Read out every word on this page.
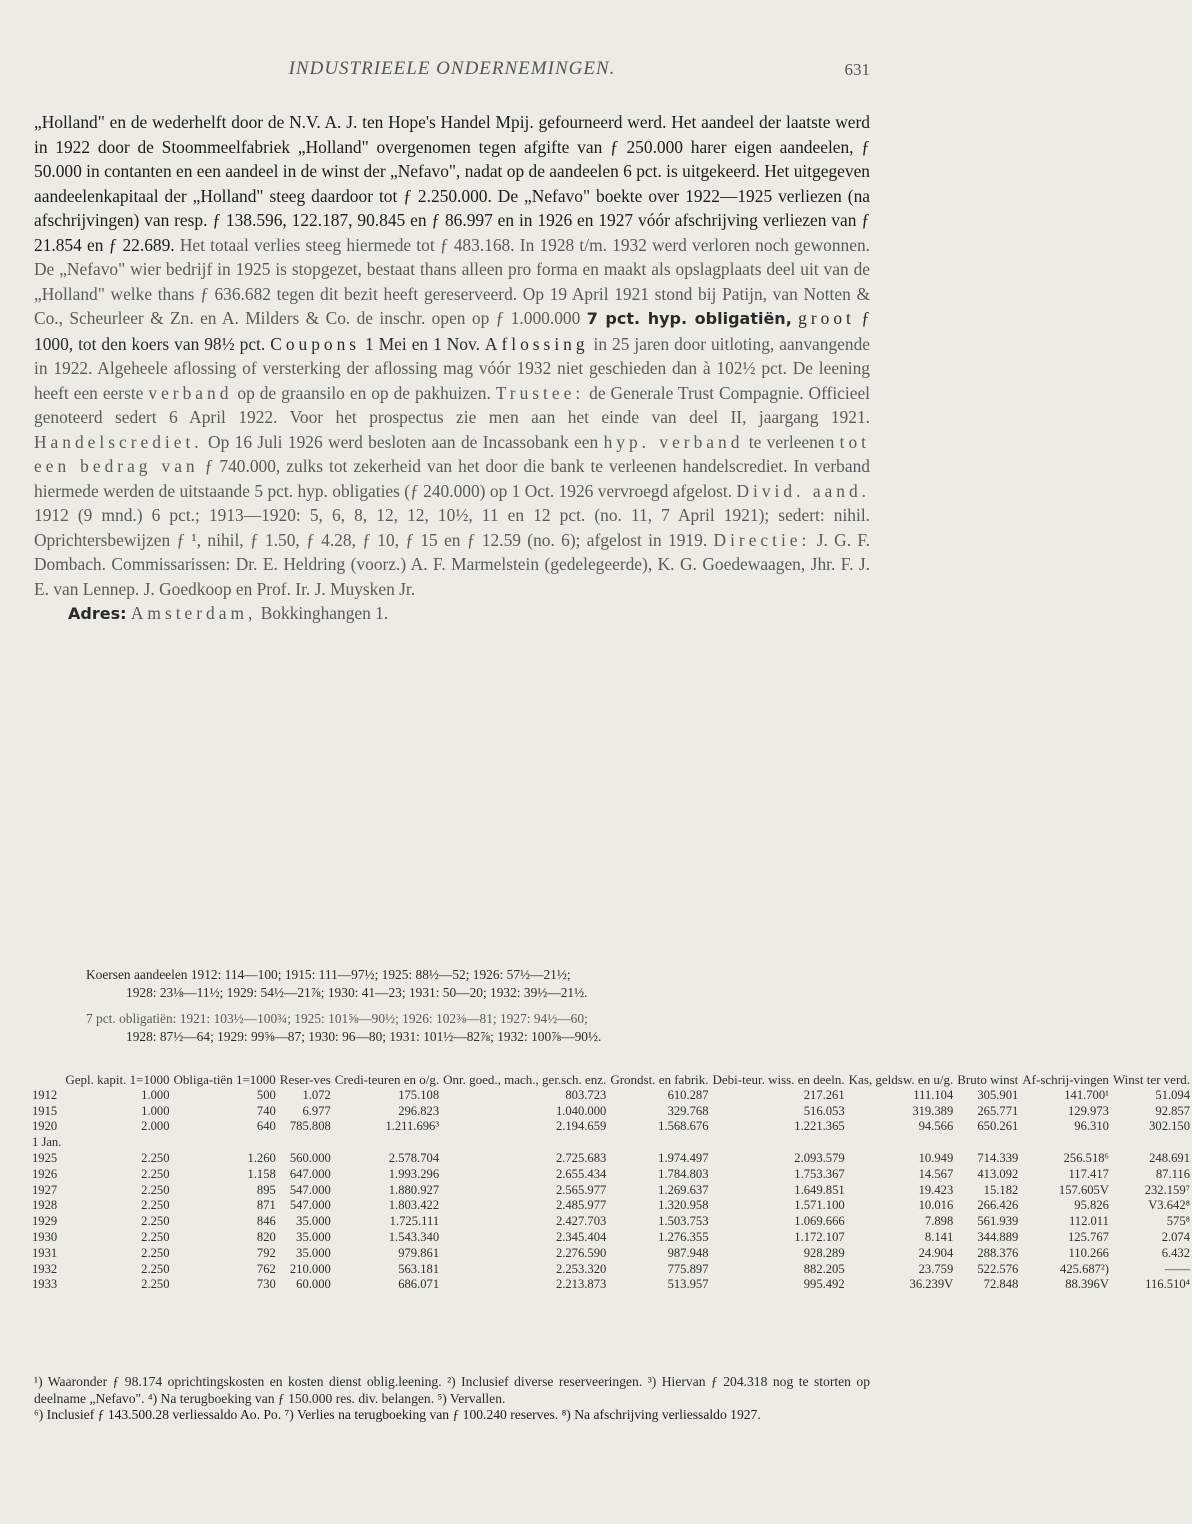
INDUSTRIEELE ONDERNEMINGEN.	631

„Holland" en de wederhelft door de N.V. A. J. ten Hope's Handel Mpij. gefourneerd werd. Het aandeel der laatste werd in 1922 door de Stoommeelfabriek „Holland" overgenomen tegen afgifte van ƒ 250.000 harer eigen aandeelen, ƒ 50.000 in contanten en een aandeel in de winst der „Nefavo", nadat op de aandeelen 6 pct. is uitgekeerd. Het uitgegeven aandeelenkapitaal der „Holland" steeg daardoor tot ƒ 2.250.000. De „Nefavo" boekte over 1922—1925 verliezen (na afschrijvingen) van resp. ƒ 138.596, 122.187, 90.845 en ƒ 86.997 en in 1926 en 1927 vóór afschrijving verliezen van ƒ 21.854 en ƒ 22.689. Het totaal verlies steeg hiermede tot ƒ 483.168. In 1928 t/m. 1932 werd verloren noch gewonnen. De „Nefavo" wier bedrijf in 1925 is stopgezet, bestaat thans alleen pro forma en maakt als opslagplaats deel uit van de „Holland" welke thans ƒ 636.682 tegen dit bezit heeft gereserveerd. Op 19 April 1921 stond bij Patijn, van Notten & Co., Scheurleer & Zn. en A. Milders & Co. de inschr. open op ƒ 1.000.000 7 pct. hyp. obligatiën, groot ƒ 1000, tot den koers van 98½ pct. Coupons 1 Mei en 1 Nov. Aflossing in 25 jaren door uitloting, aanvangende in 1922. Algeheele aflossing of versterking der aflossing mag vóór 1932 niet geschieden dan à 102½ pct. De leening heeft een eerste verband op de graansilo en op de pakhuizen. Trustee: de Generale Trust Compagnie. Officieel genoteerd sedert 6 April 1922. Voor het prospectus zie men aan het einde van deel II, jaargang 1921. Handelscrediet. Op 16 Juli 1926 werd besloten aan de Incassobank een hyp. verband te verleenen tot een bedrag van ƒ 740.000, zulks tot zekerheid van het door die bank te verleenen handelscrediet. In verband hiermede werden de uitstaande 5 pct. hyp. obligaties (ƒ 240.000) op 1 Oct. 1926 vervroegd afgelost. Divid. aand. 1912 (9 mnd.) 6 pct.; 1913—1920: 5, 6, 8, 12, 12, 10½, 11 en 12 pct. (no. 11, 7 April 1921); sedert: nihil. Oprichtersbewijzen ƒ ¹, nihil, ƒ 1.50, ƒ 4.28, ƒ 10, ƒ 15 en ƒ 12.59 (no. 6); afgelost in 1919. Directie: J. G. F. Dombach. Commissarissen: Dr. E. Heldring (voorz.) A. F. Marmelstein (gedelegeerde), K. G. Goedewaagen, Jhr. F. J. E. van Lennep. J. Goedkoop en Prof. Ir. J. Muysken Jr.

Adres: Amsterdam, Bokkinghangen 1.

Koersen aandeelen 1912: 114—100; 1915: 111—97½; 1925: 88½—52; 1926: 57½—21½;
1928: 23⅛—11½; 1929: 54½—21⅞; 1930: 41—23; 1931: 50—20; 1932: 39½—21½.
7 pct. obligatiën: 1921: 103½—100¾; 1925: 101⅝—90½; 1926: 102⅜—81; 1927: 94½—60;
1928: 87½—64; 1929: 99⅝—87; 1930: 96—80; 1931: 101½—82⅞; 1932: 100⅞—90½.
	Gepl. kapit. 1=1000	Obliga-tiën 1=1000	Reser-ves	Credi-teuren en o/g.	Onr. goed., mach., ger.sch. enz.	Grondst. en fabrik.	Debi-teur. wiss. en deeln.	Kas, geldsw. en u/g.	Bruto winst	Af-schrij-vingen	Winst ter verd.
1912	1.000	500	1.072	175.108	803.723	610.287	217.261	111.104	305.901	141.700¹	51.094
1915	1.000	740	6.977	296.823	1.040.000	329.768	516.053	319.389	265.771	129.973	92.857
1920	2.000	640	785.808	1.211.696³	2.194.659	1.568.676	1.221.365	94.566	650.261	96.310	302.150
1 Jan.											
1925	2.250	1.260	560.000	2.578.704	2.725.683	1.974.497	2.093.579	10.949	714.339	256.518⁶	248.691
1926	2.250	1.158	647.000	1.993.296	2.655.434	1.784.803	1.753.367	14.567	413.092	117.417	87.116
1927	2.250	895	547.000	1.880.927	2.565.977	1.269.637	1.649.851	19.423	15.182	157.605V	232.159⁷
1928	2.250	871	547.000	1.803.422	2.485.977	1.320.958	1.571.100	10.016	266.426	95.826	V3.642⁸
1929	2.250	846	35.000	1.725.111	2.427.703	1.503.753	1.069.666	7.898	561.939	112.011	575⁸
1930	2.250	820	35.000	1.543.340	2.345.404	1.276.355	1.172.107	8.141	344.889	125.767	2.074
1931	2.250	792	35.000	979.861	2.276.590	987.948	928.289	24.904	288.376	110.266	6.432
1932	2.250	762	210.000	563.181	2.253.320	775.897	882.205	23.759	522.576	425.687²)	——
1933	2.250	730	60.000	686.071	2.213.873	513.957	995.492	36.239V	72.848	88.396V	116.510⁴

¹) Waaronder ƒ 98.174 oprichtingskosten en kosten dienst oblig.leening. ²) Inclusief diverse reserveeringen. ³) Hiervan ƒ 204.318 nog te storten op deelname „Nefavo". ⁴) Na terugboeking van ƒ 150.000 res. div. belangen. ⁵) Vervallen.

⁶) Inclusief ƒ 143.500.28 verliessaldo Ao. Po. ⁷) Verlies na terugboeking van ƒ 100.240 reserves. ⁸) Na afschrijving verliessaldo 1927.
